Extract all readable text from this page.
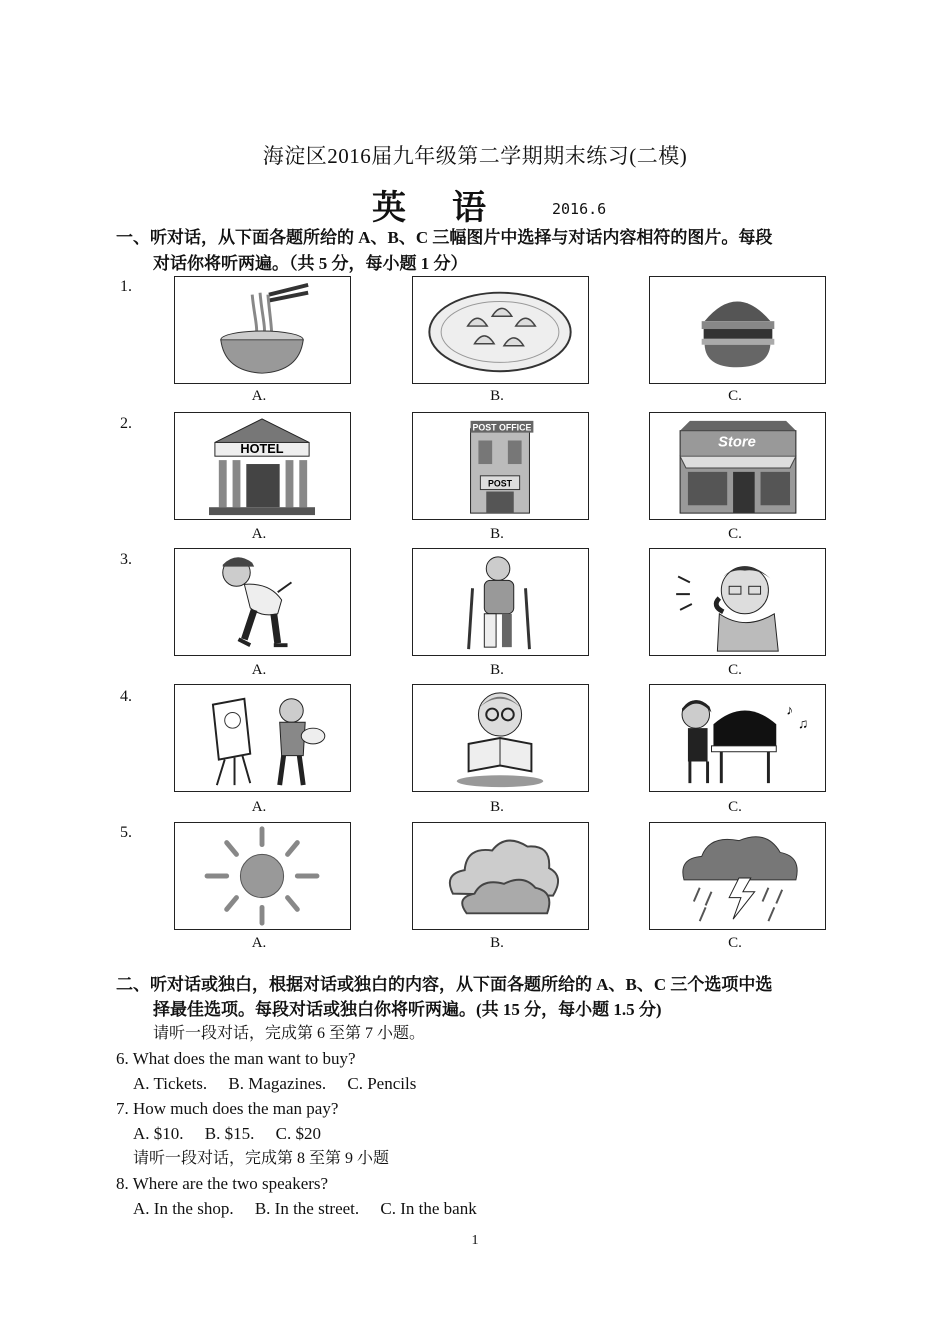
海淀区2016届九年级第二学期期末练习(二模)
英　语	2016.6
一、听对话，从下面各题所给的 A、B、C 三幅图片中选择与对话内容相符的图片。每段
对话你将听两遍。（共 5 分，每小题 1 分）
1.
2.
3.
4.
5.
A.	B.	C.
HOTEL
POST OFFICE
POST
Store
A.	B.	C.
A.	B.	C.
♪
♫
A.	B.	C.
A.	B.	C.
二、听对话或独白，根据对话或独白的内容，从下面各题所给的 A、B、C 三个选项中选
择最佳选项。每段对话或独白你将听两遍。(共 15 分，每小题 1.5 分)
请听一段对话，完成第 6 至第 7 小题。
6. What does the man want to buy?
A. Tickets.     B. Magazines.     C. Pencils
7. How much does the man pay?
A. $10.     B. $15.     C. $20
请听一段对话，完成第 8 至第 9 小题
8. Where are the two speakers?
A. In the shop.     B. In the street.     C. In the bank
1
